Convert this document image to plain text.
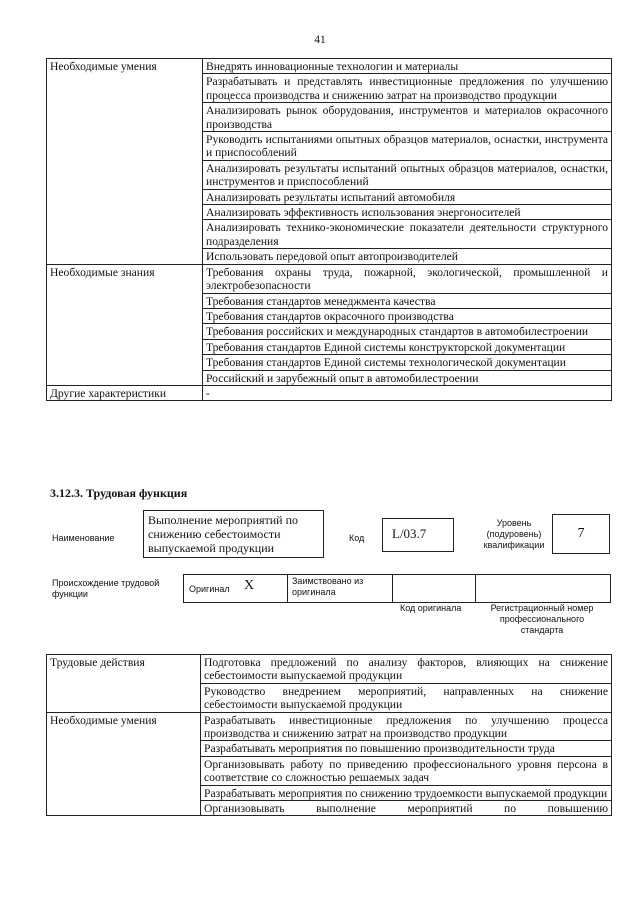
41
Необходимые умения	Внедрять инновационные технологии и материалы
	Разрабатывать и представлять инвестиционные предложения по улучшению процесса производства и снижению затрат на производство продукции
	Анализировать рынок оборудования, инструментов и материалов окрасочного производства
	Руководить испытаниями опытных образцов материалов, оснастки, инструмента и приспособлений
	Анализировать результаты испытаний опытных образцов материалов, оснастки, инструментов и приспособлений
	Анализировать результаты испытаний автомобиля
	Анализировать эффективность использования энергоносителей
	Анализировать технико-экономические показатели деятельности структурного подразделения
	Использовать передовой опыт автопроизводителей
Необходимые знания	Требования охраны труда, пожарной, экологической, промышленной и электробезопасности
	Требования стандартов менеджмента качества
	Требования стандартов окрасочного производства
	Требования российских и международных стандартов в автомобилестроении
	Требования стандартов Единой системы конструкторской документации
	Требования стандартов Единой системы технологической документации
	Российский и зарубежный опыт в автомобилестроении
Другие характеристики	-
3.12.3. Трудовая функция
Наименование
Выполнение мероприятий по снижению себестоимости выпускаемой продукции
Код	L/03.7
Уровень (подуровень) квалификации
7
Происхождение трудовой функции	Оригинал X	Заимствовано из оригинала
Код оригинала	Регистрационный номер профессионального стандарта
Трудовые действия	Подготовка предложений по анализу факторов, влияющих на снижение себестоимости выпускаемой продукции
	Руководство внедрением мероприятий, направленных на снижение себестоимости выпускаемой продукции
Необходимые умения	Разрабатывать инвестиционные предложения по улучшению процесса производства и снижению затрат на производство продукции
	Разрабатывать мероприятия по повышению производительности труда
	Организовывать работу по приведению профессионального уровня персона в соответствие со сложностью решаемых задач
	Разрабатывать мероприятия по снижению трудоемкости выпускаемой продукции
	Организовывать выполнение мероприятий по повышению
